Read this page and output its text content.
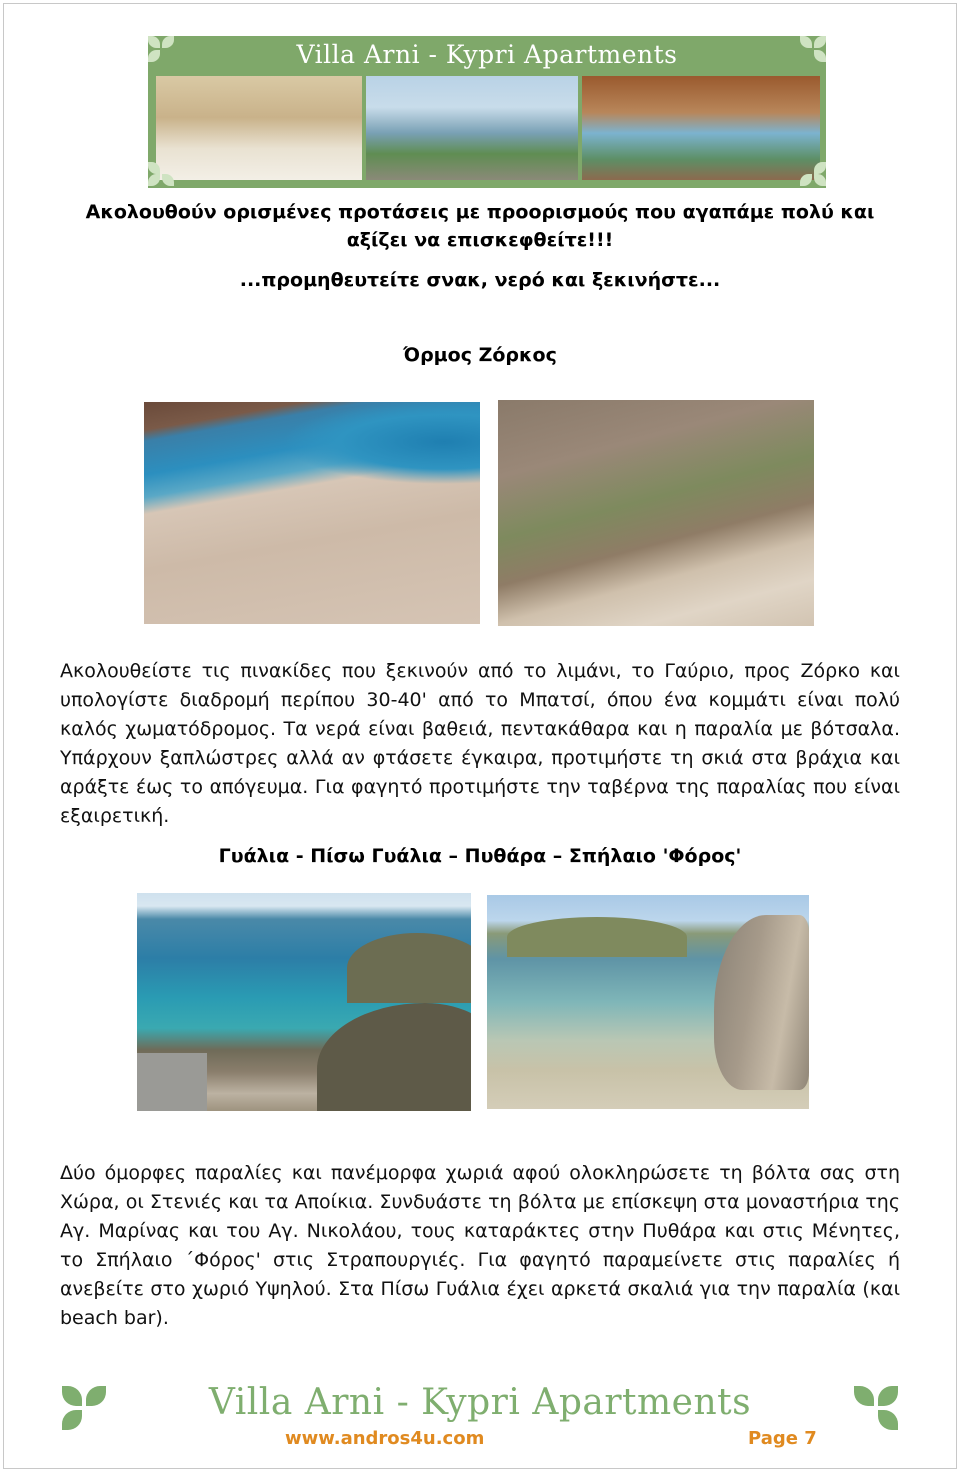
Villa Arni - Kypri Apartments
Ακολουθούν ορισμένες προτάσεις με προορισμούς που αγαπάμε πολύ και αξίζει να επισκεφθείτε!!!
...προμηθευτείτε σνακ, νερό και ξεκινήστε...
Όρμος Ζόρκος
Ακολουθείστε τις πινακίδες που ξεκινούν από το λιμάνι, το Γαύριο, προς Ζόρκο και υπολογίστε διαδρομή περίπου 30-40' από το Μπατσί, όπου ένα κομμάτι είναι πολύ καλός χωματόδρομος. Τα νερά είναι βαθειά, πεντακάθαρα και η παραλία με βότσαλα. Υπάρχουν ξαπλώστρες αλλά αν φτάσετε έγκαιρα, προτιμήστε τη σκιά στα βράχια και αράξτε έως το απόγευμα. Για φαγητό προτιμήστε την ταβέρνα της παραλίας που είναι εξαιρετική.
Γυάλια - Πίσω Γυάλια – Πυθάρα – Σπήλαιο 'Φόρος'
Δύο όμορφες παραλίες και πανέμορφα χωριά αφού ολοκληρώσετε τη βόλτα σας στη Χώρα, οι Στενιές και τα Αποίκια. Συνδυάστε τη βόλτα με επίσκεψη στα μοναστήρια της Αγ. Μαρίνας και του Αγ. Νικολάου, τους καταράκτες στην Πυθάρα και στις Μένητες, το Σπήλαιο ΄Φόρος' στις Στραπουργιές. Για φαγητό παραμείνετε στις παραλίες ή ανεβείτε στο χωριό Υψηλού. Στα Πίσω Γυάλια έχει αρκετά σκαλιά για την παραλία (και beach bar).
Villa Arni - Kypri Apartments
www.andros4u.com	Page 7
